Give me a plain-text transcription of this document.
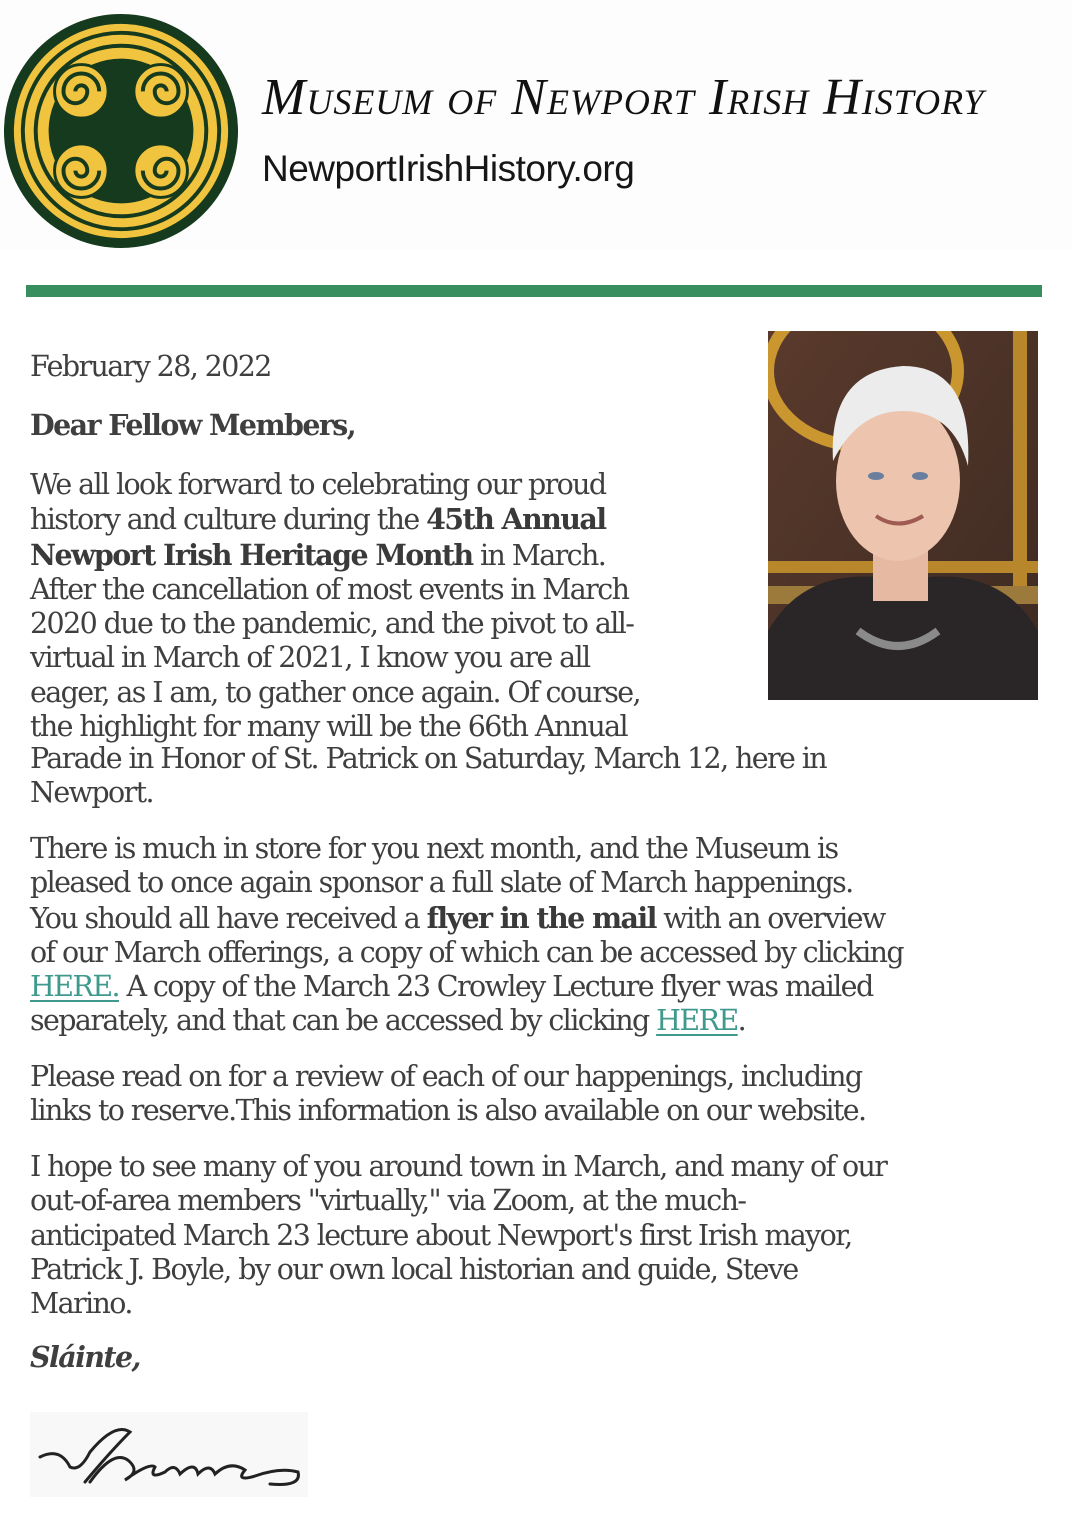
Museum of Newport Irish History
NewportIrishHistory.org
February 28, 2022
Dear Fellow Members,
We all look forward to celebrating our proud
history and culture during the 45th Annual
Newport Irish Heritage Month in March.
After the cancellation of most events in March
2020 due to the pandemic, and the pivot to all-
virtual in March of 2021, I know you are all
eager, as I am, to gather once again. Of course,
the highlight for many will be the 66th Annual
Parade in Honor of St. Patrick on Saturday, March 12, here in
Newport.
There is much in store for you next month, and the Museum is
pleased to once again sponsor a full slate of March happenings.
You should all have received a flyer in the mail with an overview
of our March offerings, a copy of which can be accessed by clicking
HERE. A copy of the March 23 Crowley Lecture flyer was mailed
separately, and that can be accessed by clicking HERE.
Please read on for a review of each of our happenings, including
links to reserve.This information is also available on our website.
I hope to see many of you around town in March, and many of our
out-of-area members "virtually," via Zoom, at the much-
anticipated March 23 lecture about Newport's first Irish mayor,
Patrick J. Boyle, by our own local historian and guide, Steve
Marino.
Sláinte,
